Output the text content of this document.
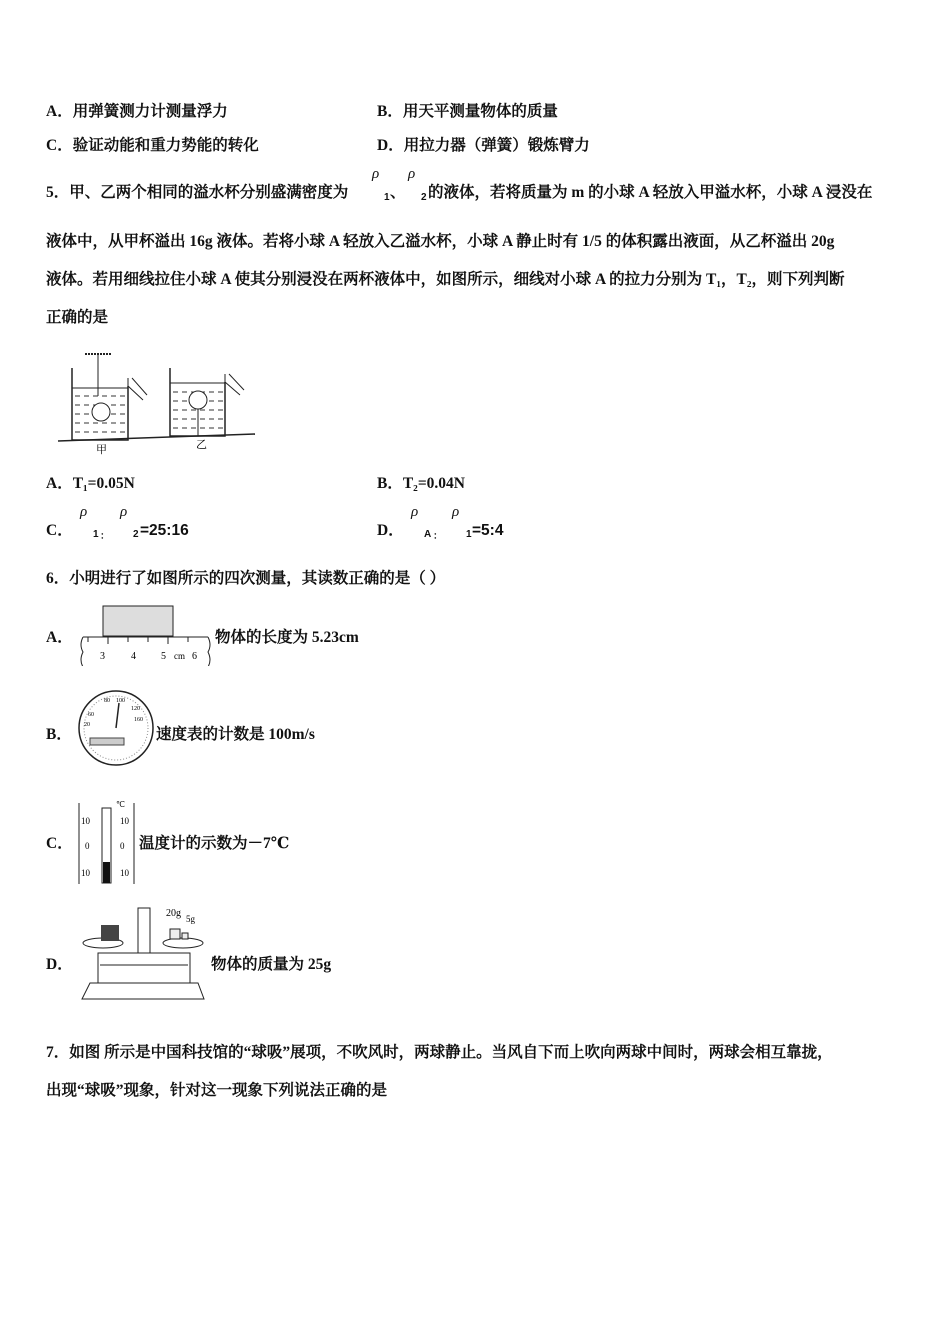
A．用弹簧测力计测量浮力	B．用天平测量物体的质量
C．验证动能和重力势能的转化	D．用拉力器（弹簧）锻炼臂力
5．甲、乙两个相同的溢水杯分别盛满密度为
ρ
1 、
ρ
2 的液体，若将质量为 m 的小球 A 轻放入甲溢水杯，小球 A 浸没在
液体中，从甲杯溢出 16g 液体。若将小球 A 轻放入乙溢水杯，小球 A 静止时有 1/5 的体积露出液面，从乙杯溢出 20g
液体。若用细线拉住小球 A 使其分别浸没在两杯液体中，如图所示，细线对小球 A 的拉力分别为 T₁，T₂，则下列判断
正确的是
甲	乙
A．T₁=0.05N	B．T₂=0.04N
C．
ρ
1 ：
ρ
2 =25:16	D．
ρ
A ：
ρ
1 =5:4
6．小明进行了如图所示的四次测量，其读数正确的是（ ）
A．
3	4	5 cm 6
物体的长度为 5.23cm
B．
20
60
80 100
120
160
速度表的计数是 100m/s
C．
℃
10
0
10
10
0
10
温度计的示数为－7℃
D．
20g 5g
物体的质量为 25g
7．如图 所示是中国科技馆的“球吸”展项，不吹风时，两球静止。当风自下而上吹向两球中间时，两球会相互靠拢，
出现“球吸”现象，针对这一现象下列说法正确的是
